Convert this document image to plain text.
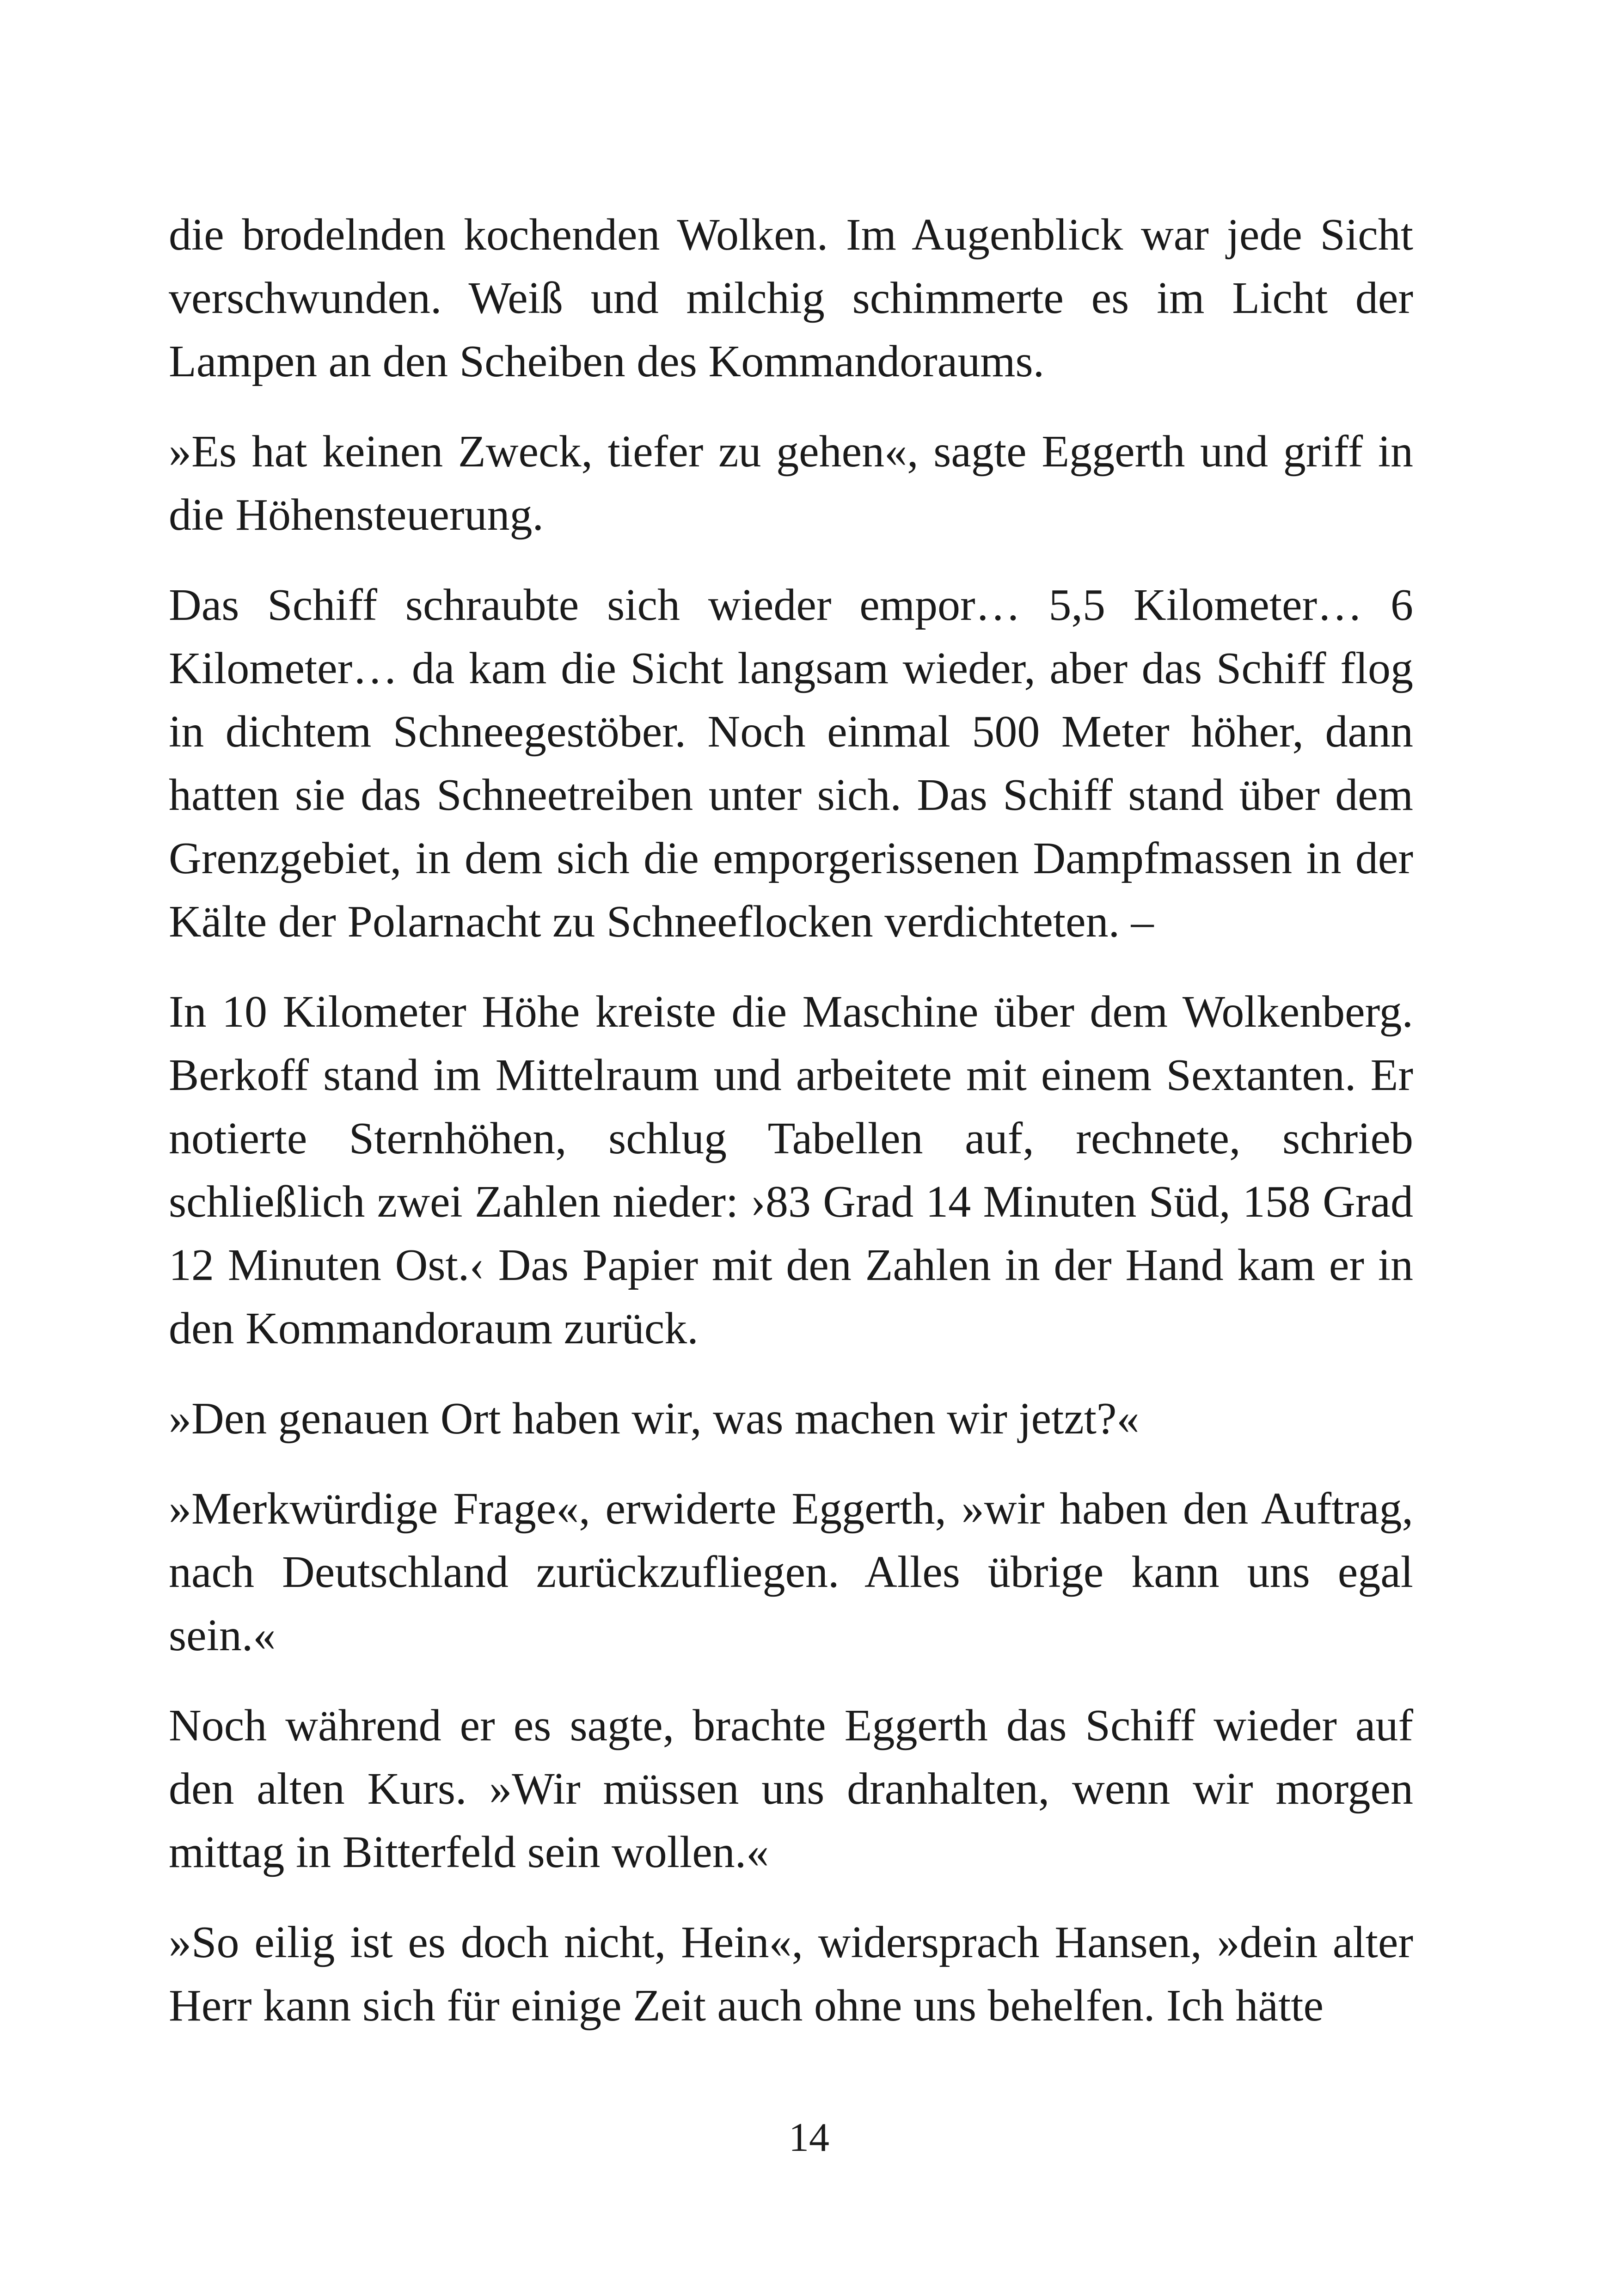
die brodelnden kochenden Wolken. Im Augenblick war jede Sicht verschwunden. Weiß und milchig schimmerte es im Licht der Lampen an den Scheiben des Kommandoraums.

»Es hat keinen Zweck, tiefer zu gehen«, sagte Eggerth und griff in die Höhensteuerung.

Das Schiff schraubte sich wieder empor… 5,5 Kilometer… 6 Kilometer… da kam die Sicht langsam wieder, aber das Schiff flog in dichtem Schneegestöber. Noch einmal 500 Meter höher, dann hatten sie das Schneetreiben unter sich. Das Schiff stand über dem Grenzgebiet, in dem sich die emporgerissenen Dampfmassen in der Kälte der Polarnacht zu Schneeflocken verdichteten. –

In 10 Kilometer Höhe kreiste die Maschine über dem Wolkenberg. Berkoff stand im Mittelraum und arbeitete mit einem Sextanten. Er notierte Sternhöhen, schlug Tabellen auf, rechnete, schrieb schließlich zwei Zahlen nieder: ›83 Grad 14 Minuten Süd, 158 Grad 12 Minuten Ost.‹ Das Papier mit den Zahlen in der Hand kam er in den Kommandoraum zurück.

»Den genauen Ort haben wir, was machen wir jetzt?«

»Merkwürdige Frage«, erwiderte Eggerth, »wir haben den Auftrag, nach Deutschland zurückzufliegen. Alles übrige kann uns egal sein.«

Noch während er es sagte, brachte Eggerth das Schiff wieder auf den alten Kurs. »Wir müssen uns dranhalten, wenn wir morgen mittag in Bitterfeld sein wollen.«

»So eilig ist es doch nicht, Hein«, widersprach Hansen, »dein alter Herr kann sich für einige Zeit auch ohne uns behelfen. Ich hätte

14
